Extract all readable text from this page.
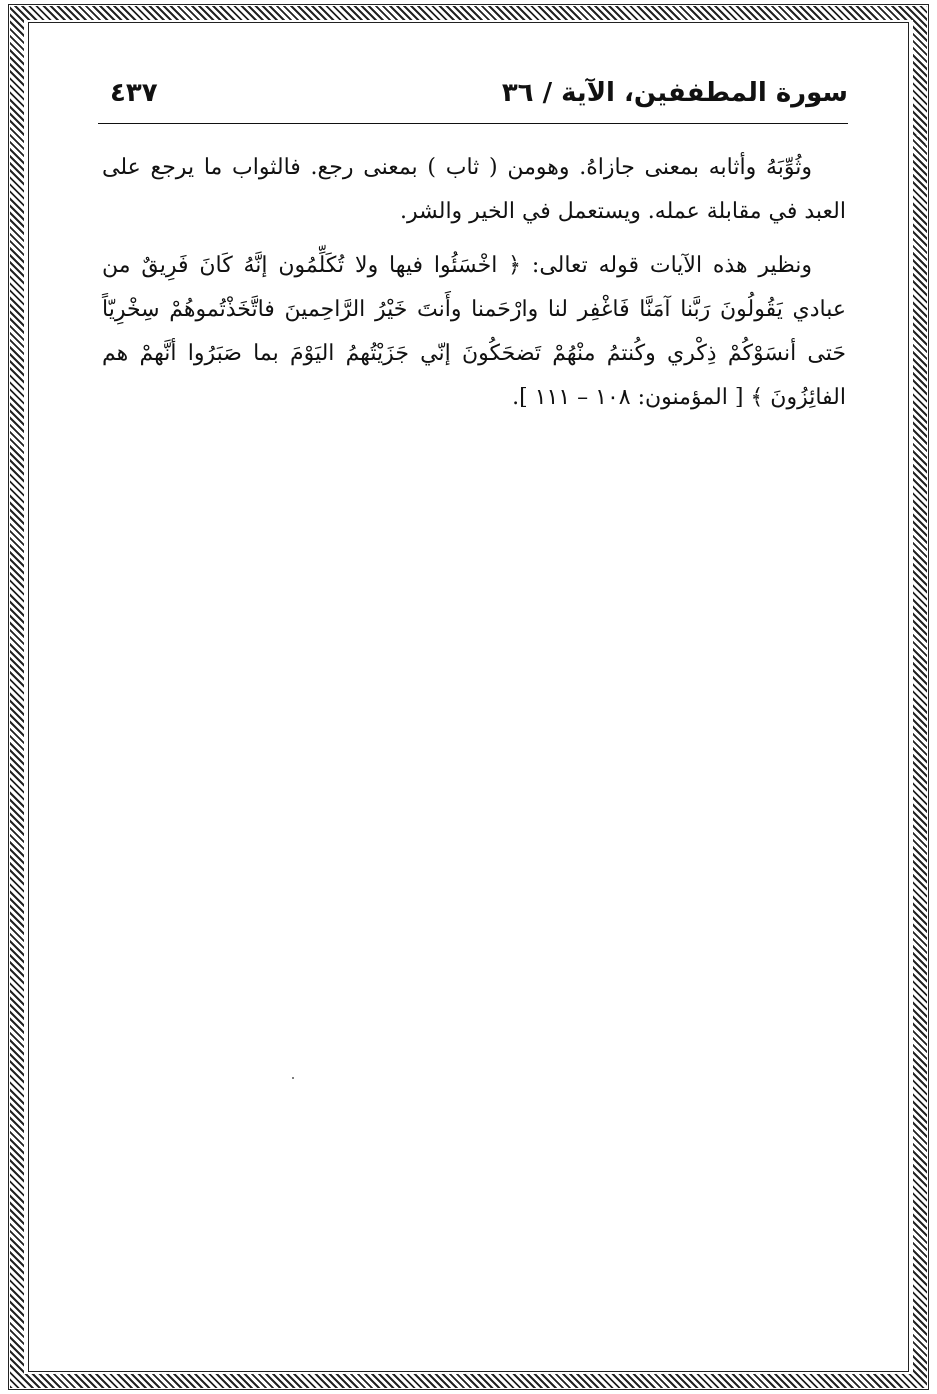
سورة المطففين، الآية / ٣٦
٤٣٧

وثُوِّبَهُ وأثابه بمعنى جازاهُ. وهومن ( ثاب ) بمعنى رجع. فالثواب ما يرجع على العبد في مقابلة عمله. ويستعمل في الخير والشر.

ونظير هذه الآيات قوله تعالى: ﴿ اخْسَئُوا فيها ولا تُكَلِّمُون إنَّهُ كَانَ فَرِيقٌ من عبادي يَقُولُونَ رَبَّنا آمَنَّا فَاغْفِر لنا وارْحَمنا وأَنتَ خَيْرُ الرَّاحِمينَ فاتَّخَذْتُموهُمْ سِخْرِيّاً حَتى أنسَوْكُمْ ذِكْري وكُنتمُ منْهُمْ تَضحَكُونَ إنّي جَزَيْتُهمُ اليَوْمَ بما صَبَرُوا أنَّهمْ هم الفائِزُونَ ﴾ [ المؤمنون: ١٠٨ – ١١١ ].
